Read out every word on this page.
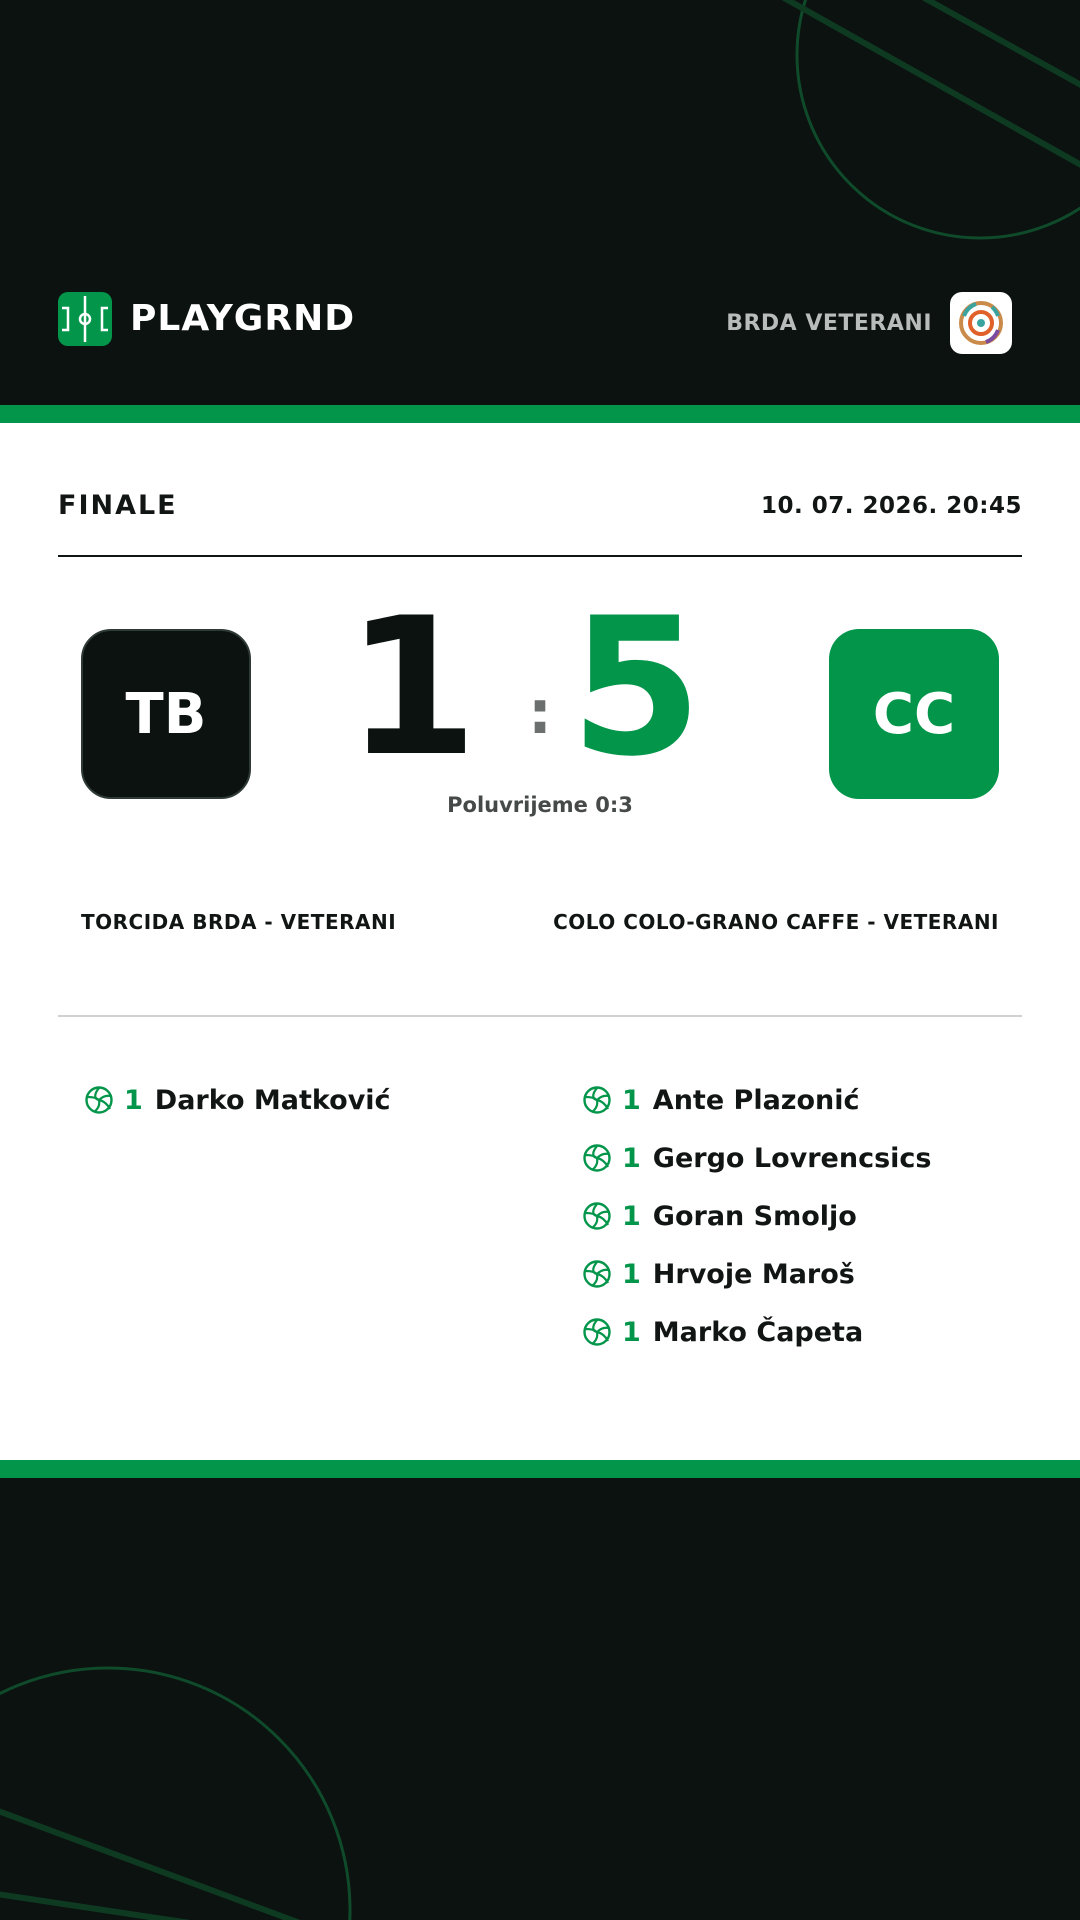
PLAYGRND	BRDA VETERANI
FINALE	10. 07. 2026. 20:45
TB 1 : 5	CC
Poluvrijeme 0:3
TORCIDA BRDA - VETERANI	COLO COLO-GRANO CAFFE - VETERANI
1 Darko Matković	1 Ante Plazonić
1 Gergo Lovrencsics
1 Goran Smoljo
1 Hrvoje Maroš
1 Marko Čapeta
